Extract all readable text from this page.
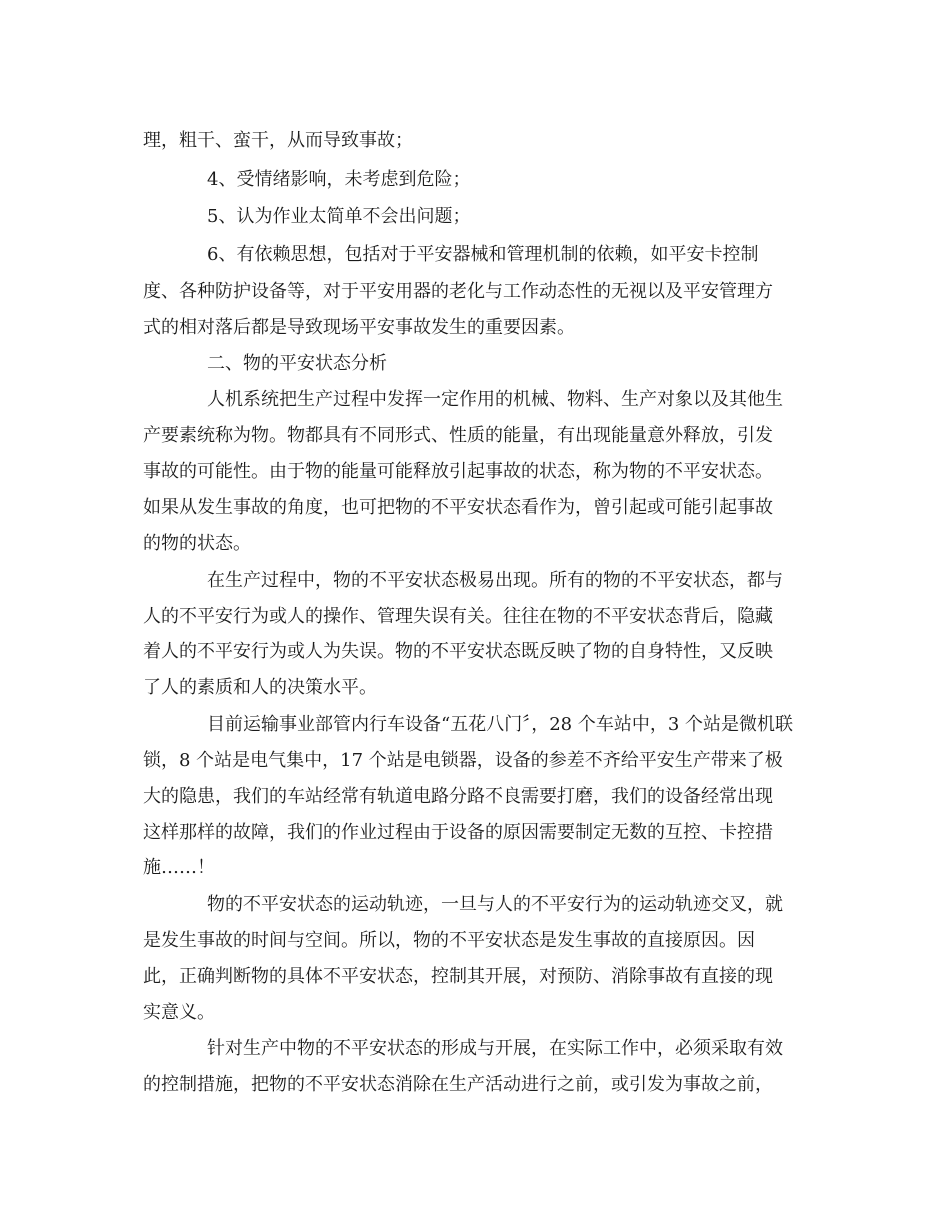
理，粗干、蛮干，从而导致事故；
4、受情绪影响，未考虑到危险；
5、认为作业太简单不会出问题；
6、有依赖思想，包括对于平安器械和管理机制的依赖，如平安卡控制
度、各种防护设备等，对于平安用器的老化与工作动态性的无视以及平安管理方
式的相对落后都是导致现场平安事故发生的重要因素。
二、物的平安状态分析
人机系统把生产过程中发挥一定作用的机械、物料、生产对象以及其他生
产要素统称为物。物都具有不同形式、性质的能量，有出现能量意外释放，引发
事故的可能性。由于物的能量可能释放引起事故的状态，称为物的不平安状态。
如果从发生事故的角度，也可把物的不平安状态看作为，曾引起或可能引起事故
的物的状态。
在生产过程中，物的不平安状态极易出现。所有的物的不平安状态，都与
人的不平安行为或人的操作、管理失误有关。往往在物的不平安状态背后，隐藏
着人的不平安行为或人为失误。物的不平安状态既反映了物的自身特性，又反映
了人的素质和人的决策水平。
目前运输事业部管内行车设备“五花八门〞，28 个车站中，3 个站是微机联
锁，8 个站是电气集中，17 个站是电锁器，设备的参差不齐给平安生产带来了极
大的隐患，我们的车站经常有轨道电路分路不良需要打磨，我们的设备经常出现
这样那样的故障，我们的作业过程由于设备的原因需要制定无数的互控、卡控措
施……！
物的不平安状态的运动轨迹，一旦与人的不平安行为的运动轨迹交叉，就
是发生事故的时间与空间。所以，物的不平安状态是发生事故的直接原因。因
此，正确判断物的具体不平安状态，控制其开展，对预防、消除事故有直接的现
实意义。
针对生产中物的不平安状态的形成与开展，在实际工作中，必须采取有效
的控制措施，把物的不平安状态消除在生产活动进行之前，或引发为事故之前，
